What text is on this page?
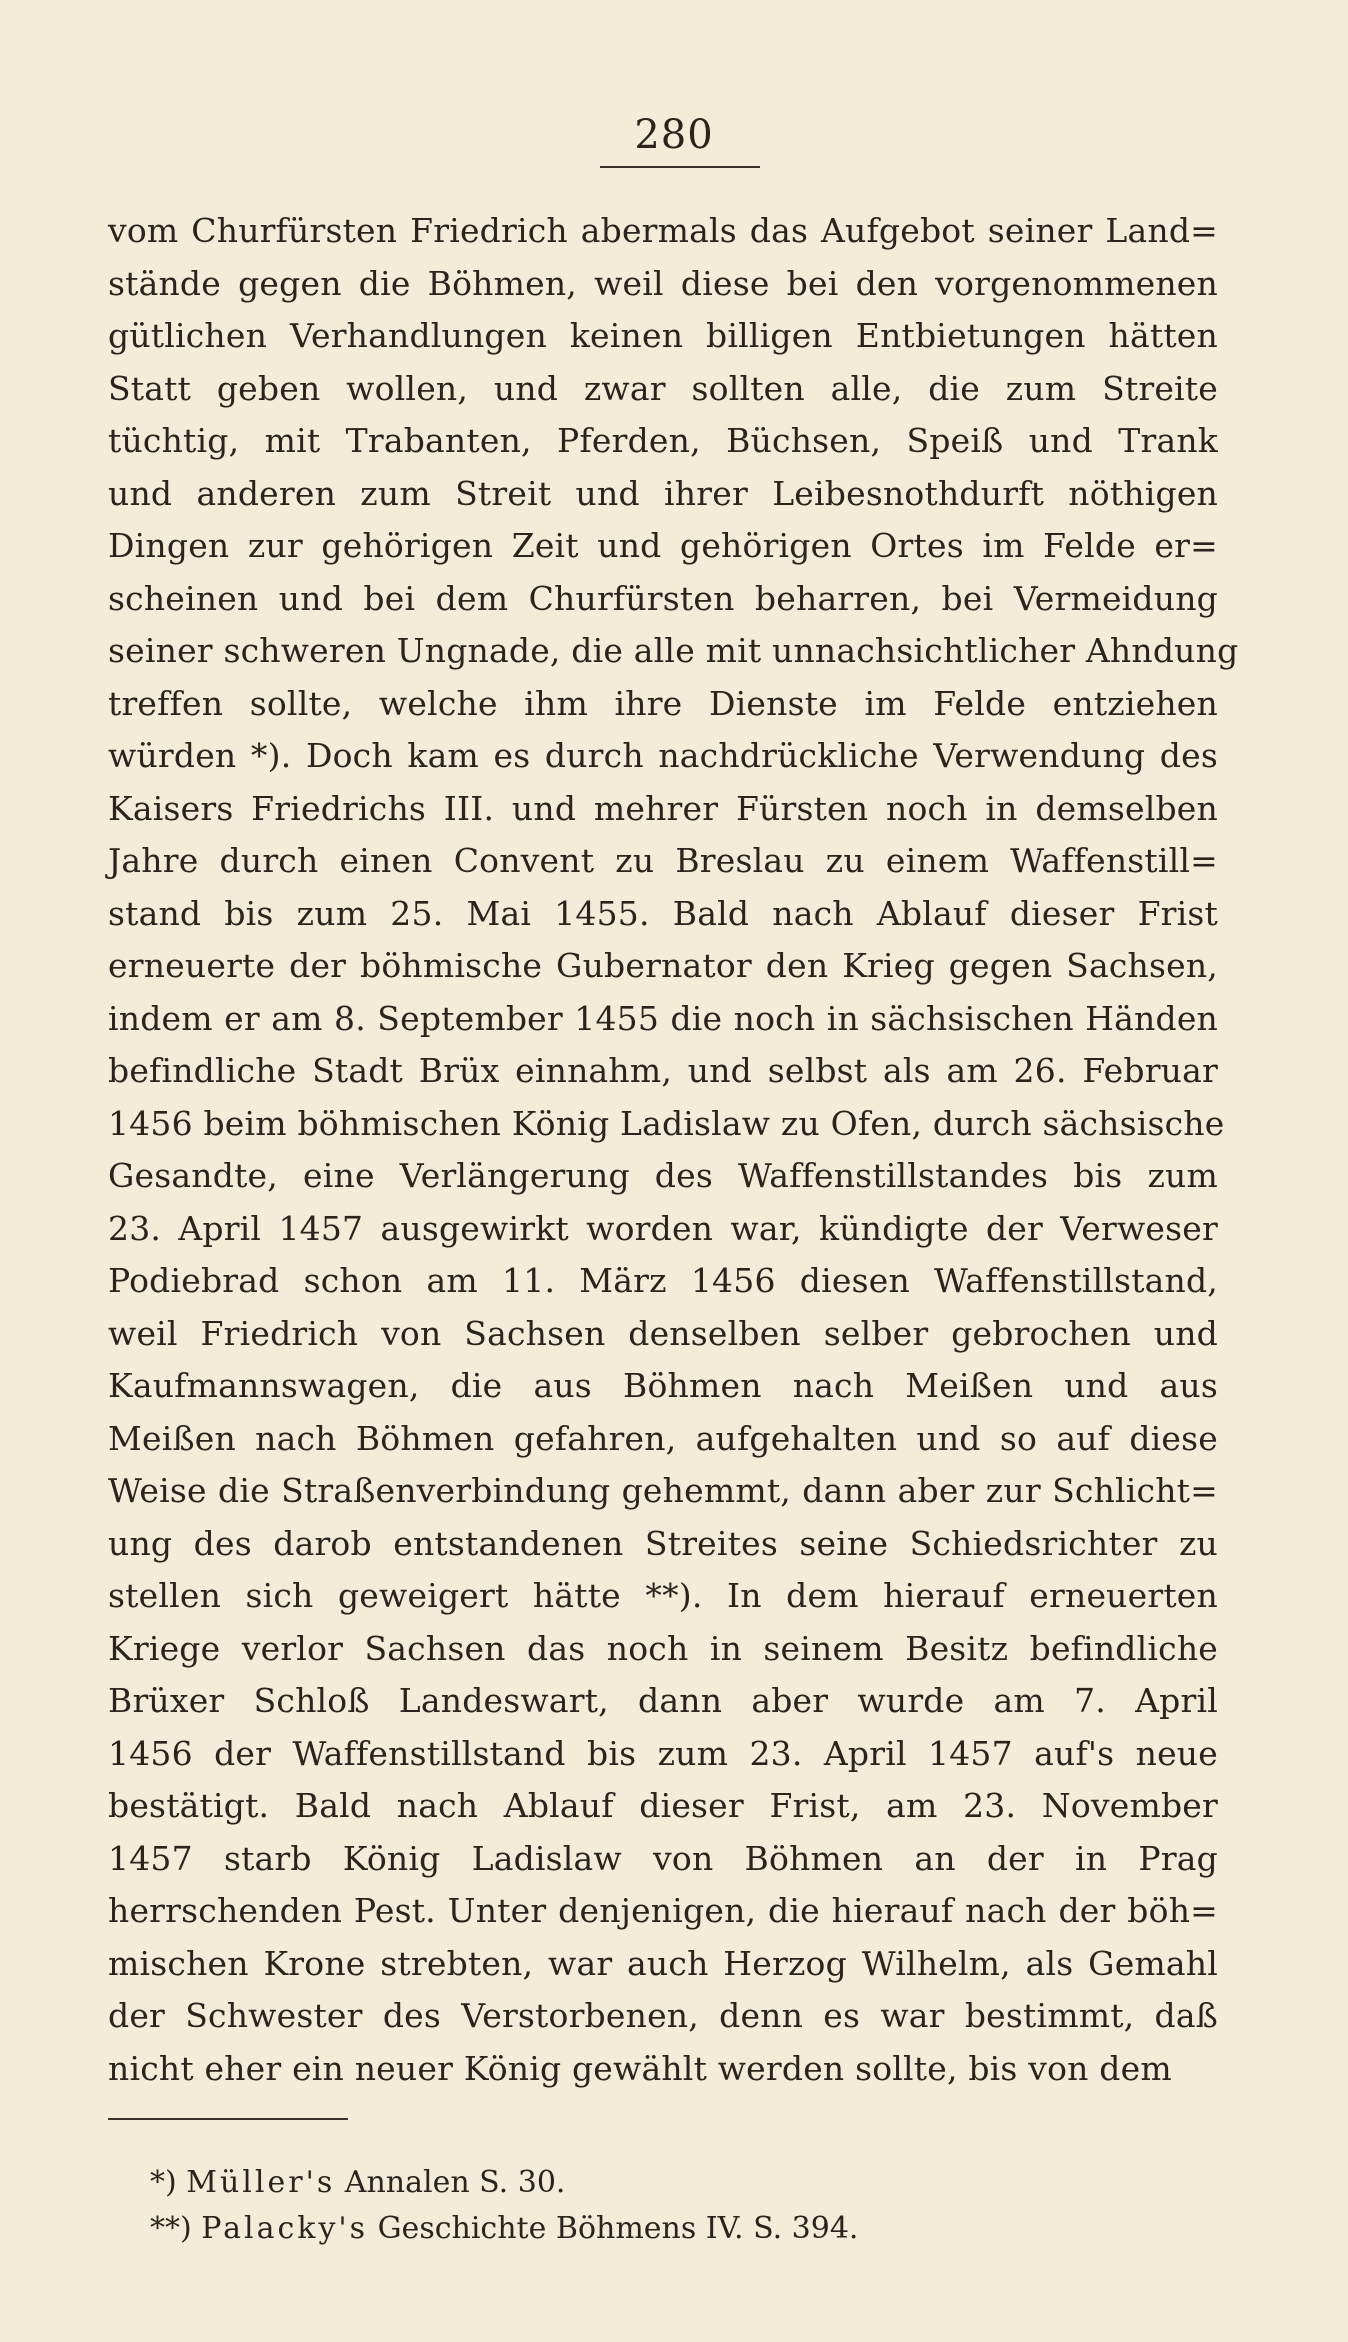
280
vom Churfürsten Friedrich abermals das Aufgebot seiner Land=
stände gegen die Böhmen, weil diese bei den vorgenommenen
gütlichen Verhandlungen keinen billigen Entbietungen hätten
Statt geben wollen, und zwar sollten alle, die zum Streite
tüchtig, mit Trabanten, Pferden, Büchsen, Speiß und Trank
und anderen zum Streit und ihrer Leibesnothdurft nöthigen
Dingen zur gehörigen Zeit und gehörigen Ortes im Felde er=
scheinen und bei dem Churfürsten beharren, bei Vermeidung
seiner schweren Ungnade, die alle mit unnachsichtlicher Ahndung
treffen sollte, welche ihm ihre Dienste im Felde entziehen
würden *). Doch kam es durch nachdrückliche Verwendung des
Kaisers Friedrichs III. und mehrer Fürsten noch in demselben
Jahre durch einen Convent zu Breslau zu einem Waffenstill=
stand bis zum 25. Mai 1455. Bald nach Ablauf dieser Frist
erneuerte der böhmische Gubernator den Krieg gegen Sachsen,
indem er am 8. September 1455 die noch in sächsischen Händen
befindliche Stadt Brüx einnahm, und selbst als am 26. Februar
1456 beim böhmischen König Ladislaw zu Ofen, durch sächsische
Gesandte, eine Verlängerung des Waffenstillstandes bis zum
23. April 1457 ausgewirkt worden war, kündigte der Verweser
Podiebrad schon am 11. März 1456 diesen Waffenstillstand,
weil Friedrich von Sachsen denselben selber gebrochen und
Kaufmannswagen, die aus Böhmen nach Meißen und aus
Meißen nach Böhmen gefahren, aufgehalten und so auf diese
Weise die Straßenverbindung gehemmt, dann aber zur Schlicht=
ung des darob entstandenen Streites seine Schiedsrichter zu
stellen sich geweigert hätte **). In dem hierauf erneuerten
Kriege verlor Sachsen das noch in seinem Besitz befindliche
Brüxer Schloß Landeswart, dann aber wurde am 7. April
1456 der Waffenstillstand bis zum 23. April 1457 auf's neue
bestätigt. Bald nach Ablauf dieser Frist, am 23. November
1457 starb König Ladislaw von Böhmen an der in Prag
herrschenden Pest. Unter denjenigen, die hierauf nach der böh=
mischen Krone strebten, war auch Herzog Wilhelm, als Gemahl
der Schwester des Verstorbenen, denn es war bestimmt, daß
nicht eher ein neuer König gewählt werden sollte, bis von dem
*) Müller's Annalen S. 30.
**) Palacky's Geschichte Böhmens IV. S. 394.
